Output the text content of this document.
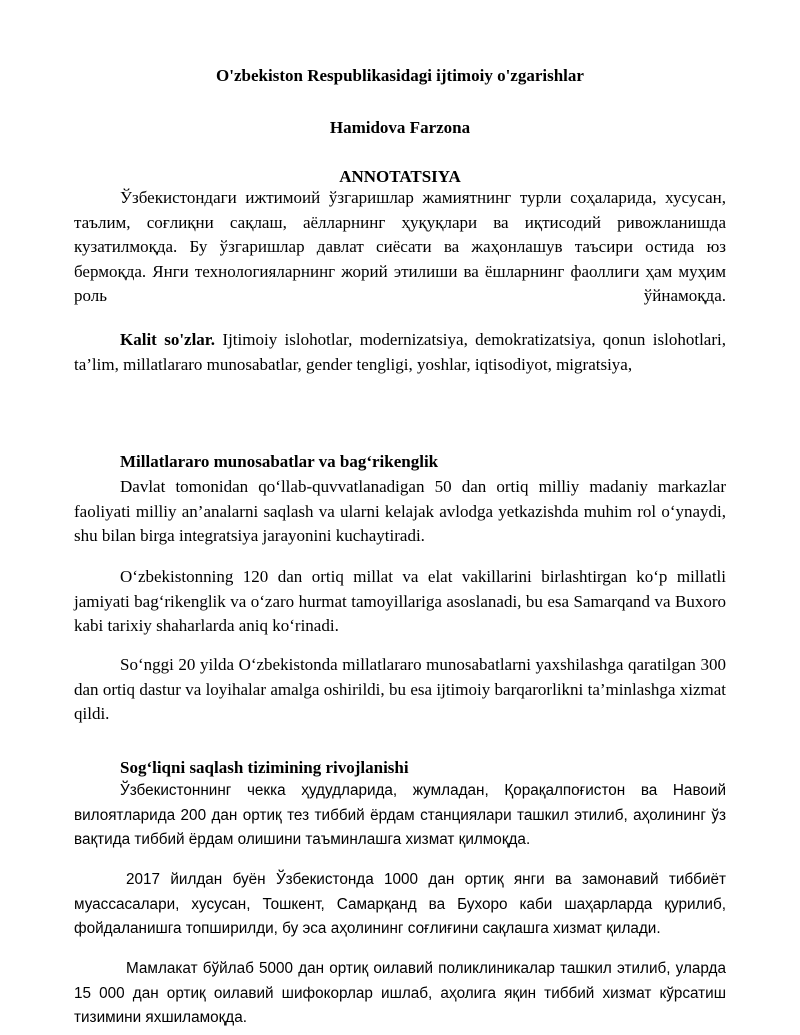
O'zbekiston Respublikasidagi ijtimoiy o'zgarishlar
Hamidova Farzona
ANNOTATSIYA

Ўзбекистондаги ижтимоий ўзгаришлар жамиятнинг турли соҳаларида, хусусан, таълим, соғлиқни сақлаш, аёлларнинг ҳуқуқлари ва иқтисодий ривожланишда кузатилмоқда. Бу ўзгаришлар давлат сиёсати ва жаҳонлашув таъсири остида юз бермоқда. Янги технологияларнинг жорий этилиши ва ёшларнинг фаоллиги ҳам муҳим роль ўйнамоқда.

Kalit so'zlar. Ijtimoiy islohotlar, modernizatsiya, demokratizatsiya, qonun islohotlari, ta’lim, millatlararo munosabatlar, gender tengligi, yoshlar, iqtisodiyot, migratsiya,

Millatlararo munosabatlar va bag‘rikenglik

Davlat tomonidan qo‘llab-quvvatlanadigan 50 dan ortiq milliy madaniy markazlar faoliyati milliy an’analarni saqlash va ularni kelajak avlodga yetkazishda muhim rol o‘ynaydi, shu bilan birga integratsiya jarayonini kuchaytiradi.

O‘zbekistonning 120 dan ortiq millat va elat vakillarini birlashtirgan ko‘p millatli jamiyati bag‘rikenglik va o‘zaro hurmat tamoyillariga asoslanadi, bu esa Samarqand va Buxoro kabi tarixiy shaharlarda aniq ko‘rinadi.

So‘nggi 20 yilda O‘zbekistonda millatlararo munosabatlarni yaxshilashga qaratilgan 300 dan ortiq dastur va loyihalar amalga oshirildi, bu esa ijtimoiy barqarorlikni ta’minlashga xizmat qildi.

Sog‘liqni saqlash tizimining rivojlanishi

Ўзбекистоннинг чекка ҳудудларида, жумладан, Қорақалпоғистон ва Навоий вилоятларида 200 дан ортиқ тез тиббий ёрдам станциялари ташкил этилиб, аҳолининг ўз вақтида тиббий ёрдам олишини таъминлашга хизмат қилмоқда.

2017 йилдан буён Ўзбекистонда 1000 дан ортиқ янги ва замонавий тиббиёт муассасалари, хусусан, Тошкент, Самарқанд ва Бухоро каби шаҳарларда қурилиб, фойдаланишга топширилди, бу эса аҳолининг соғлиғини сақлашга хизмат қилади.

Мамлакат бўйлаб 5000 дан ортиқ оилавий поликлиникалар ташкил этилиб, уларда 15 000 дан ортиқ оилавий шифокорлар ишлаб, аҳолига яқин тиббий хизмат кўрсатиш тизимини яхшиламоқда.
